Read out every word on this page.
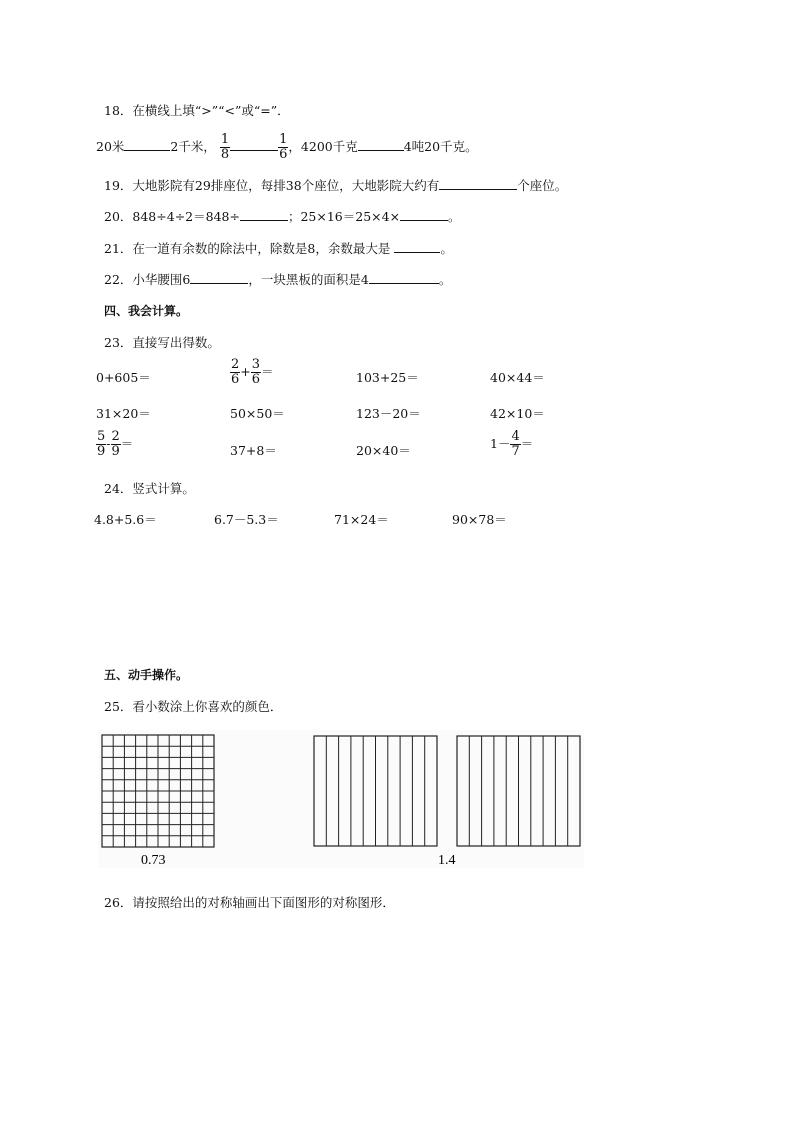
18．在横线上填“>”“<”或“=”．
20米	2千米， $\frac{1}{8}$	$\frac{1}{6}$ ，4200千克	4吨20千克。
19．大地影院有29排座位，每排38个座位，大地影院大约有	个座位。
20．848÷4÷2＝848÷	；25×16＝25×4×	。
21．在一道有余数的除法中，除数是8，余数最大是	。
22．小华腰围6	，一块黑板的面积是4	。
四、我会计算。
23．直接写出得数。
0+605＝	$\frac{2}{6} + \frac{3}{6}$ ＝	103+25＝	40×44＝
31×20＝	50×50＝	123－20＝	42×10＝
$\frac{5}{9} - \frac{2}{9}$ ＝	37+8＝	20×40＝	$1- \frac{4}{7}$ ＝
24．竖式计算。
4.8+5.6＝	6.7－5.3＝	71×24＝	90×78＝
五、动手操作。
25．看小数涂上你喜欢的颜色．
0.73	1.4
26．请按照给出的对称轴画出下面图形的对称图形．
